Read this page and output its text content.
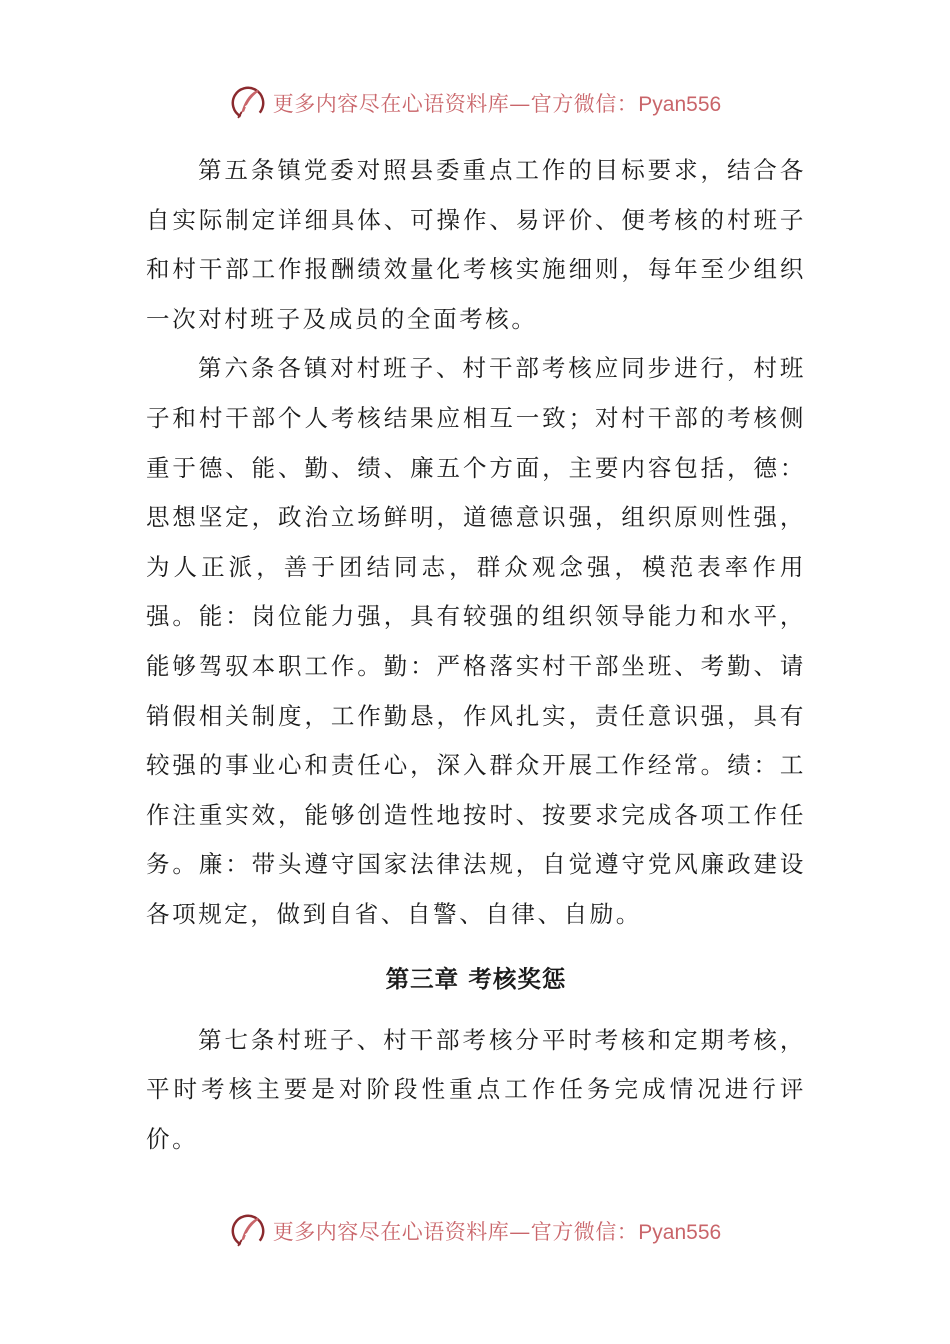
更多内容尽在心语资料库—官方微信：Pyan556

第五条镇党委对照县委重点工作的目标要求，结合各自实际制定详细具体、可操作、易评价、便考核的村班子和村干部工作报酬绩效量化考核实施细则，每年至少组织一次对村班子及成员的全面考核。

第六条各镇对村班子、村干部考核应同步进行，村班子和村干部个人考核结果应相互一致；对村干部的考核侧重于德、能、勤、绩、廉五个方面，主要内容包括，德：思想坚定，政治立场鲜明，道德意识强，组织原则性强，为人正派，善于团结同志，群众观念强，模范表率作用强。能：岗位能力强，具有较强的组织领导能力和水平，能够驾驭本职工作。勤：严格落实村干部坐班、考勤、请销假相关制度，工作勤恳，作风扎实，责任意识强，具有较强的事业心和责任心，深入群众开展工作经常。绩：工作注重实效，能够创造性地按时、按要求完成各项工作任务。廉：带头遵守国家法律法规，自觉遵守党风廉政建设各项规定，做到自省、自警、自律、自励。

第三章 考核奖惩

第七条村班子、村干部考核分平时考核和定期考核，平时考核主要是对阶段性重点工作任务完成情况进行评价。

更多内容尽在心语资料库—官方微信：Pyan556
